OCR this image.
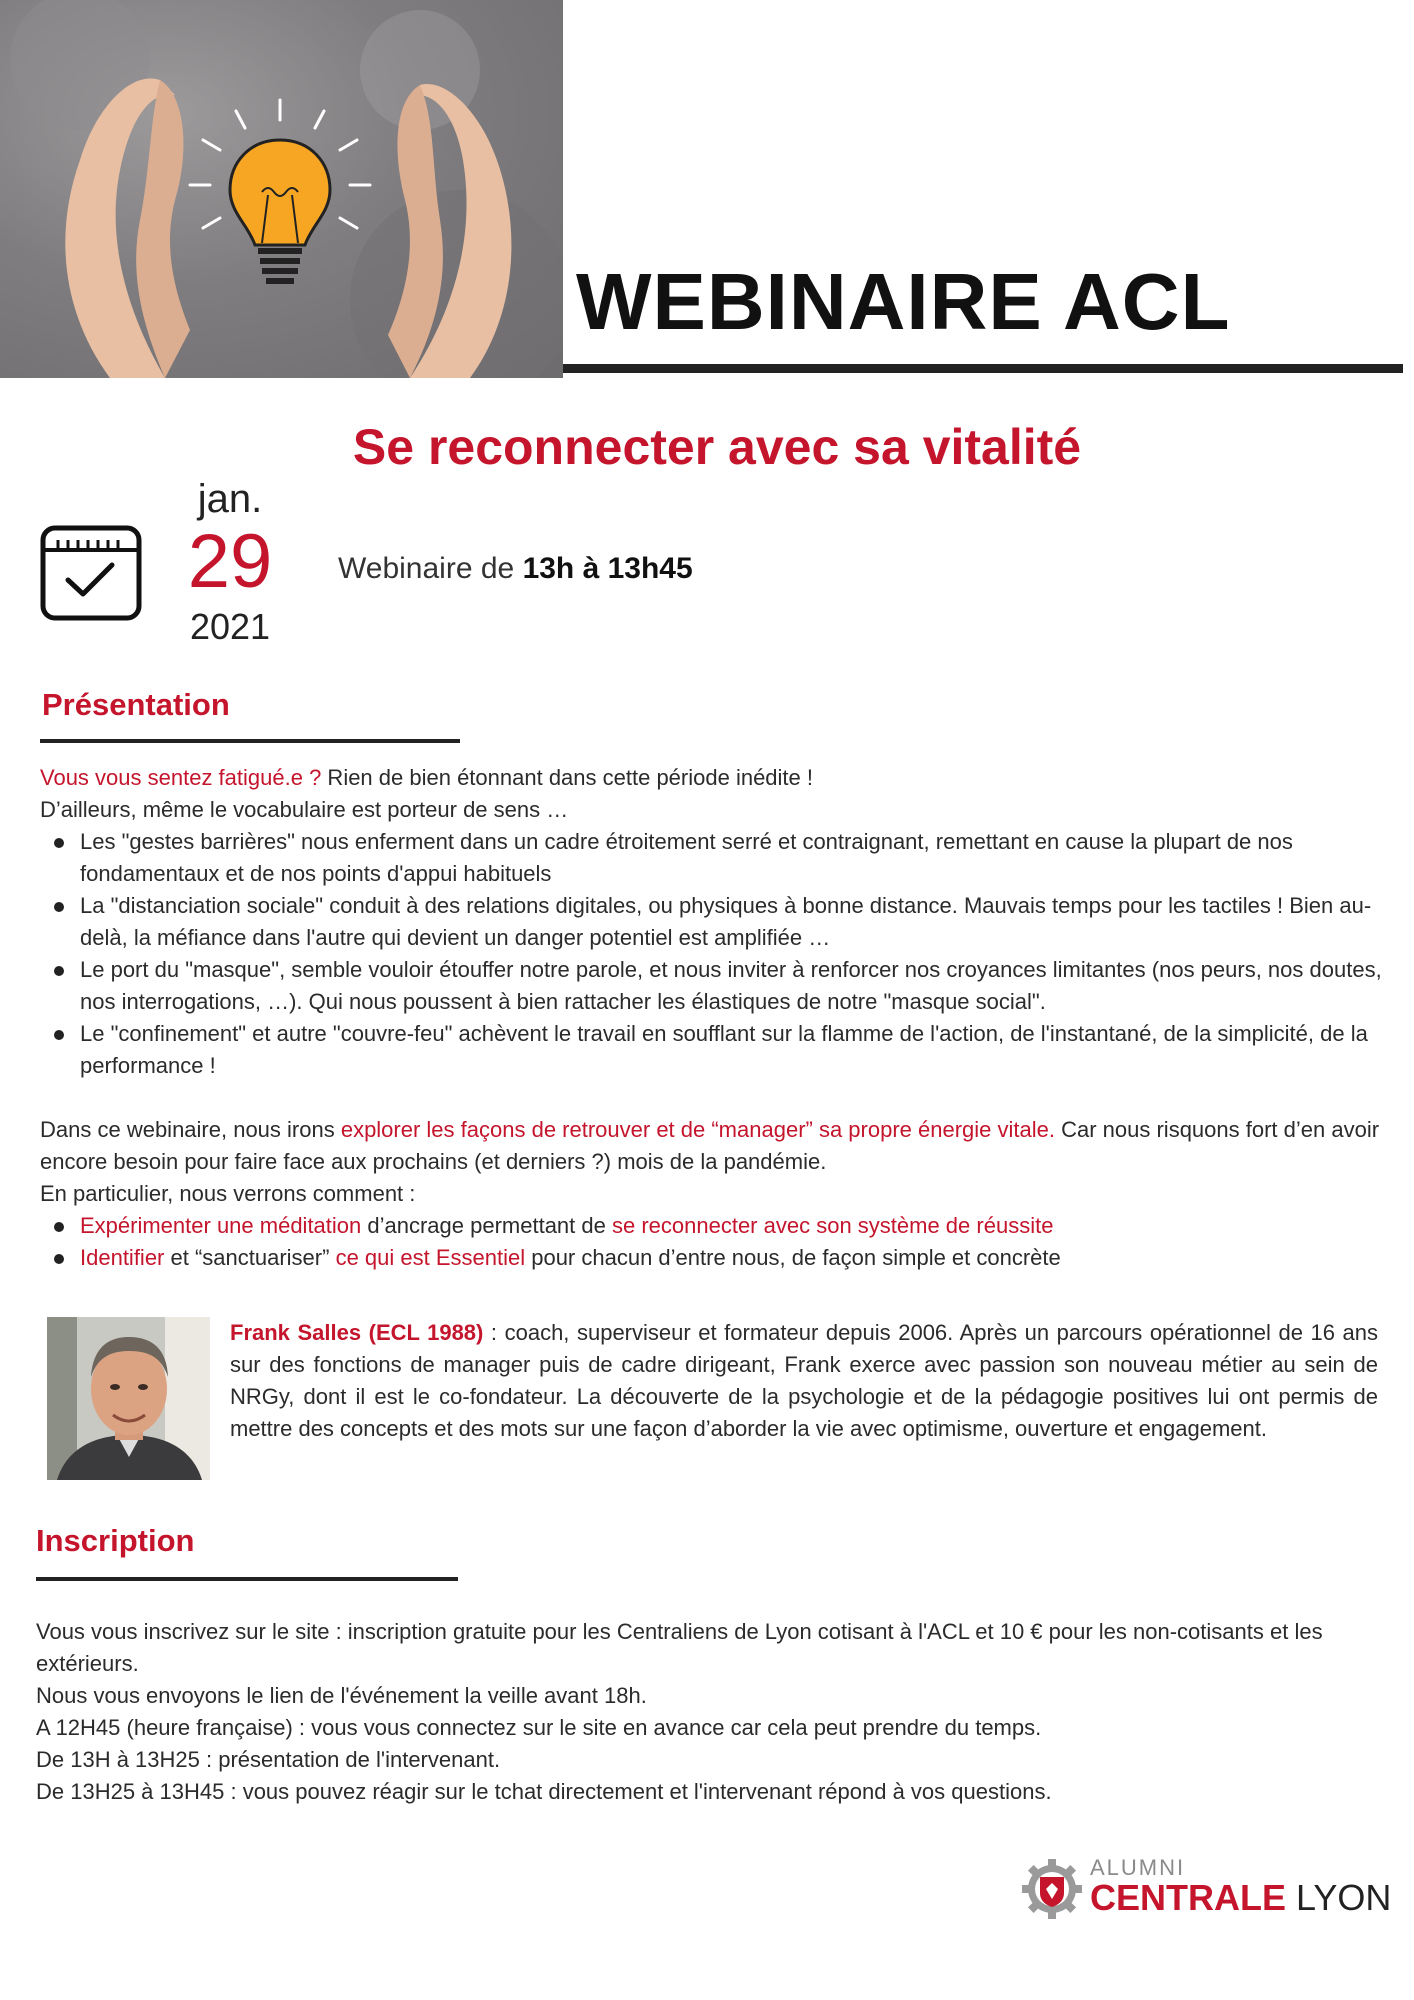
WEBINAIRE ACL
Se reconnecter avec sa vitalité
jan.
29
2021
Webinaire de 13h à 13h45
Présentation

Vous vous sentez fatigué.e ? Rien de bien étonnant dans cette période inédite !

D’ailleurs, même le vocabulaire est porteur de sens …

Les "gestes barrières" nous enferment dans un cadre étroitement serré et contraignant, remettant en cause la plupart de nos fondamentaux et de nos points d'appui habituels
La "distanciation sociale" conduit à des relations digitales, ou physiques à bonne distance. Mauvais temps pour les tactiles ! Bien au-delà, la méfiance dans l'autre qui devient un danger potentiel est amplifiée …
Le port du "masque", semble vouloir étouffer notre parole, et nous inviter à renforcer nos croyances limitantes (nos peurs, nos doutes, nos interrogations, …). Qui nous poussent à bien rattacher les élastiques de notre "masque social".
Le "confinement" et autre "couvre-feu" achèvent le travail en soufflant sur la flamme de l'action, de l'instantané, de la simplicité, de la performance !

Dans ce webinaire, nous irons explorer les façons de retrouver et de “manager” sa propre énergie vitale. Car nous risquons fort d’en avoir encore besoin pour faire face aux prochains (et derniers ?) mois de la pandémie.

En particulier, nous verrons comment :

Expérimenter une méditation d’ancrage permettant de se reconnecter avec son système de réussite
Identifier et “sanctuariser” ce qui est Essentiel pour chacun d’entre nous, de façon simple et concrète
Frank Salles (ECL 1988) : coach, superviseur et formateur depuis 2006. Après un parcours opérationnel de 16 ans sur des fonctions de manager puis de cadre dirigeant, Frank exerce avec passion son nouveau métier au sein de NRGy, dont il est le co-fondateur. La découverte de la psychologie et de la pédagogie positives lui ont permis de mettre des concepts et des mots sur une façon d’aborder la vie avec optimisme, ouverture et engagement.
Inscription

Vous vous inscrivez sur le site : inscription gratuite pour les Centraliens de Lyon cotisant à l'ACL et 10 € pour les non-cotisants et les extérieurs.

Nous vous envoyons le lien de l'événement la veille avant 18h.

A 12H45 (heure française) : vous vous connectez sur le site en avance car cela peut prendre du temps.

De 13H à 13H25 : présentation de l'intervenant.

De 13H25 à 13H45 : vous pouvez réagir sur le tchat directement et l'intervenant répond à vos questions.

ALUMNI
CENTRALE LYON
